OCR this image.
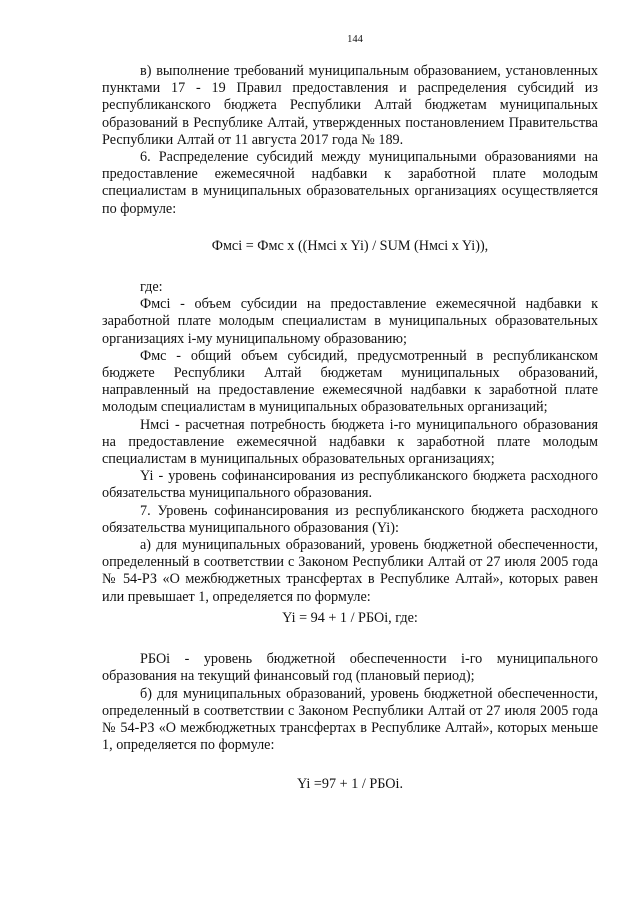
144

в) выполнение требований муниципальным образованием, установленных пунктами 17 - 19 Правил предоставления и распределения субсидий из республиканского бюджета Республики Алтай бюджетам муниципальных образований в Республике Алтай, утвержденных постановлением Правительства Республики Алтай от 11 августа 2017 года № 189.

6. Распределение субсидий между муниципальными образованиями на предоставление ежемесячной надбавки к заработной плате молодым специалистам в муниципальных образовательных организациях осуществляется по формуле:

Фмсi = Фмс x ((Нмсi x Yi) / SUM (Нмсi x Yi)),

где:

Фмсi - объем субсидии на предоставление ежемесячной надбавки к заработной плате молодым специалистам в муниципальных образовательных организациях i-му муниципальному образованию;

Фмс - общий объем субсидий, предусмотренный в республиканском бюджете Республики Алтай бюджетам муниципальных образований, направленный на предоставление ежемесячной надбавки к заработной плате молодым специалистам в муниципальных образовательных организаций;

Нмсi - расчетная потребность бюджета i-го муниципального образования на предоставление ежемесячной надбавки к заработной плате молодым специалистам в муниципальных образовательных организациях;

Yi - уровень софинансирования из республиканского бюджета расходного обязательства муниципального образования.

7. Уровень софинансирования из республиканского бюджета расходного обязательства муниципального образования (Yi):

а) для муниципальных образований, уровень бюджетной обеспеченности, определенный в соответствии с Законом Республики Алтай от 27 июля 2005 года № 54-РЗ «О межбюджетных трансфертах в Республике Алтай», которых равен или превышает 1, определяется по формуле:

Yi = 94 + 1 / РБОi, где:

РБОi - уровень бюджетной обеспеченности i-го муниципального образования на текущий финансовый год (плановый период);

б) для муниципальных образований, уровень бюджетной обеспеченности, определенный в соответствии с Законом Республики Алтай от 27 июля 2005 года № 54-РЗ «О межбюджетных трансфертах в Республике Алтай», которых меньше 1, определяется по формуле:

Yi =97 + 1 / РБОi.
